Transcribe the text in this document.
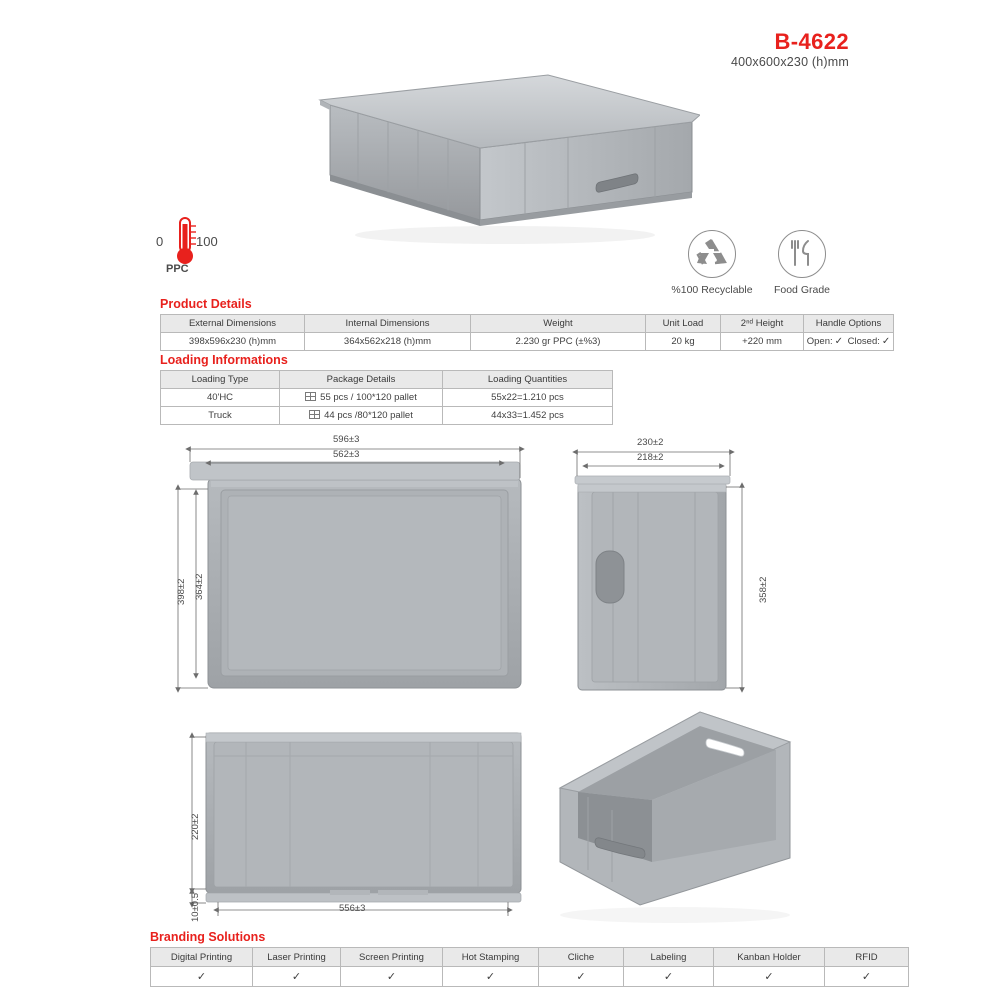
B-4622
400x600x230 (h)mm
0	100
PPC
%100 Recyclable	Food Grade
Product Details
External Dimensions	Internal Dimensions	Weight	Unit Load	2ⁿᵈ Height	Handle Options
398x596x230 (h)mm	364x562x218 (h)mm	2.230 gr PPC (±%3)	20 kg	+220 mm	Open: ✓ Closed: ✓
Loading Informations
Loading Type	Package Details	Loading Quantities
40'HC	55 pcs / 100*120 pallet	55x22=1.210 pcs
Truck	44 pcs /80*120 pallet	44x33=1.452 pcs
596±3
562±3
398±2 364±2
230±2
218±2
358±2
220±2
10±0.5	556±3
Branding Solutions
Digital Printing	Laser Printing	Screen Printing	Hot Stamping	Cliche	Labeling	Kanban Holder	RFID
✓	✓	✓	✓	✓	✓	✓	✓
